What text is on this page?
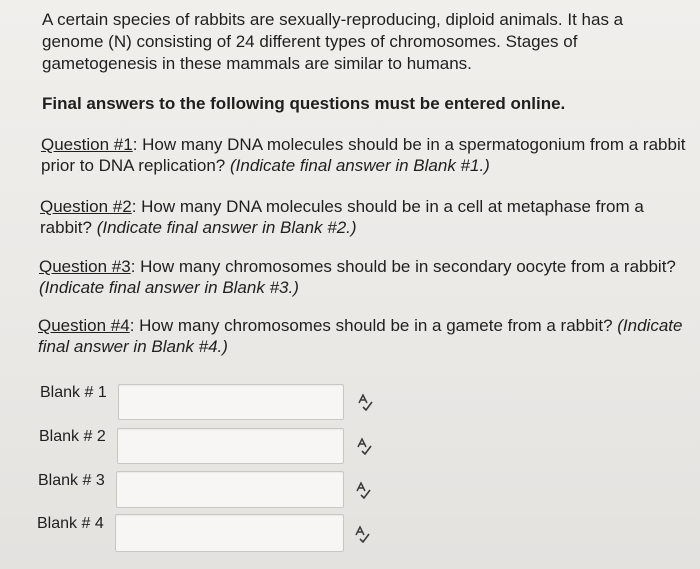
A certain species of rabbits are sexually-reproducing, diploid animals. It has a genome (N) consisting of 24 different types of chromosomes. Stages of gametogenesis in these mammals are similar to humans.
Final answers to the following questions must be entered online.
Question #1: How many DNA molecules should be in a spermatogonium from a rabbit prior to DNA replication? (Indicate final answer in Blank #1.)
Question #2: How many DNA molecules should be in a cell at metaphase from a rabbit? (Indicate final answer in Blank #2.)
Question #3: How many chromosomes should be in secondary oocyte from a rabbit? (Indicate final answer in Blank #3.)
Question #4: How many chromosomes should be in a gamete from a rabbit? (Indicate final answer in Blank #4.)
Blank # 1
Blank # 2
Blank # 3
Blank # 4
